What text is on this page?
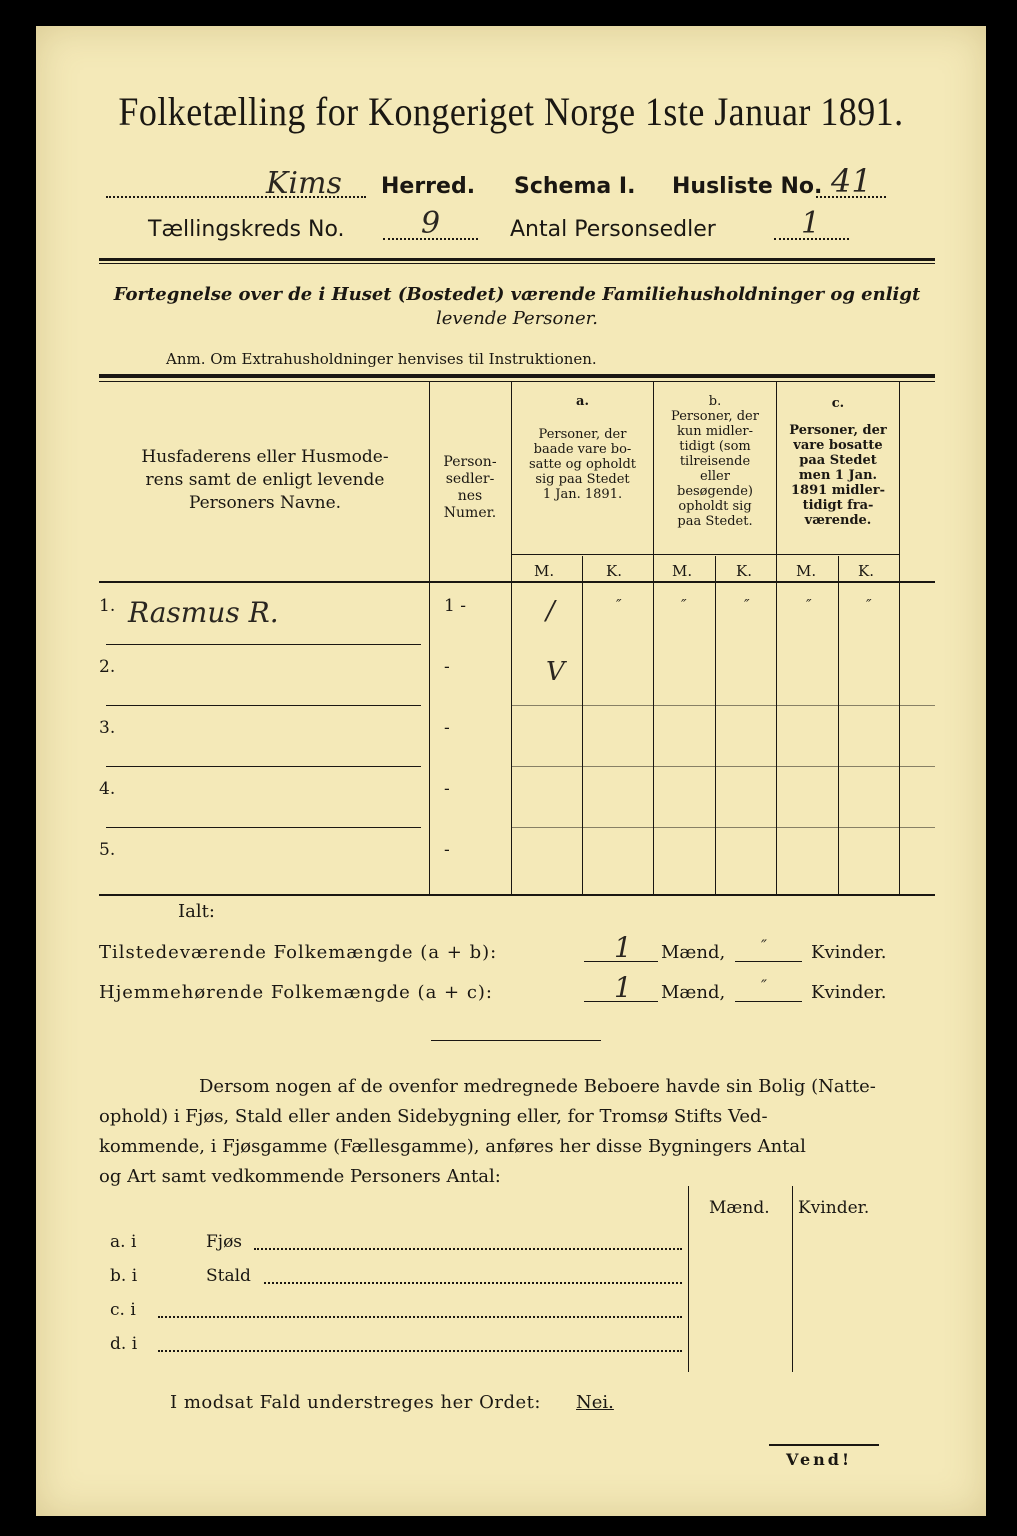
Folketælling for Kongeriget Norge 1ste Januar 1891.
Kims Herred. Schema I. Husliste No. 41
Tællingskreds No.	9	Antal Personsedler	1
Fortegnelse over de i Huset (Bostedet) værende Familiehusholdninger og enligt
levende Personer.
Anm. Om Extrahusholdninger henvises til Instruktionen.
Husfaderens eller Husmode-
rens samt de enligt levende
Personers Navne.
Person-
sedler-
nes
Numer.
a.
Personer, der
baade vare bo-
satte og opholdt
sig paa Stedet
1 Jan. 1891.
b.
Personer, der
kun midler-
tidigt (som
tilreisende
eller
besøgende)
opholdt sig
paa Stedet.
c.
Personer, der
vare bosatte
paa Stedet
men 1 Jan.
1891 midler-
tidigt fra-
værende.
M.	K.	M.	K.	M.	K.
1. Rasmus R.	1 -	/	″	″	″	″	″
2.	-	V
3.	-
4.	-
5.	-
Ialt:
Tilstedeværende Folkemængde (a + b):	1 Mænd, ″ Kvinder.
Hjemmehørende Folkemængde (a + c):	1 Mænd, ″ Kvinder.
Dersom nogen af de ovenfor medregnede Beboere havde sin Bolig (Natte-
ophold) i Fjøs, Stald eller anden Sidebygning eller, for Tromsø Stifts Ved-
kommende, i Fjøsgamme (Fællesgamme), anføres her disse Bygningers Antal
og Art samt vedkommende Personers Antal:
Mænd. Kvinder.
a. i	Fjøs
b. i	Stald
c. i
d. i
I modsat Fald understreges her Ordet: Nei.
Vend!
